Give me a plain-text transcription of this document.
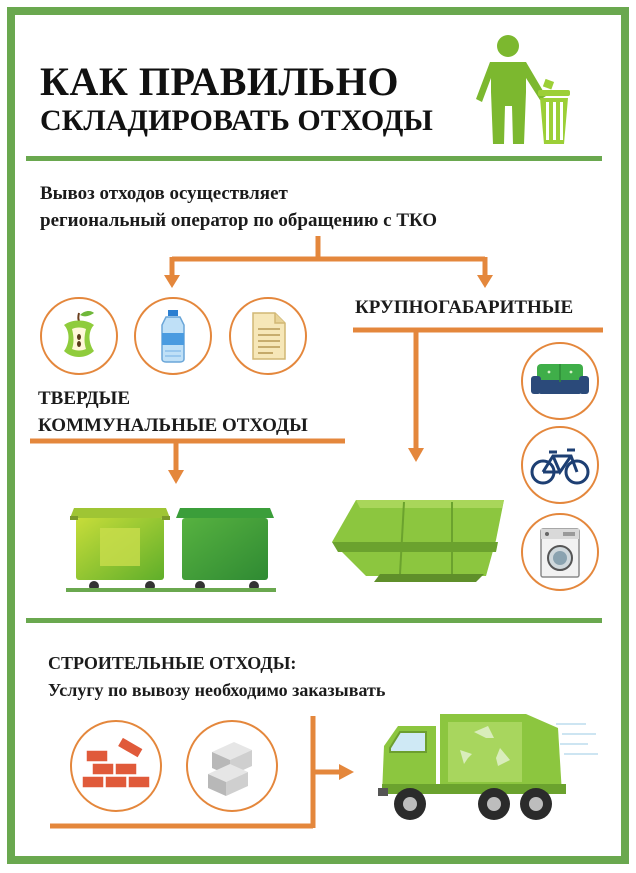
КАК ПРАВИЛЬНО
СКЛАДИРОВАТЬ ОТХОДЫ
Вывоз отходов осуществляет
региональный оператор по обращению с ТКО
ТВЕРДЫЕ
КОММУНАЛЬНЫЕ ОТХОДЫ
КРУПНОГАБАРИТНЫЕ
СТРОИТЕЛЬНЫЕ ОТХОДЫ:
Услугу по вывозу необходимо заказывать
